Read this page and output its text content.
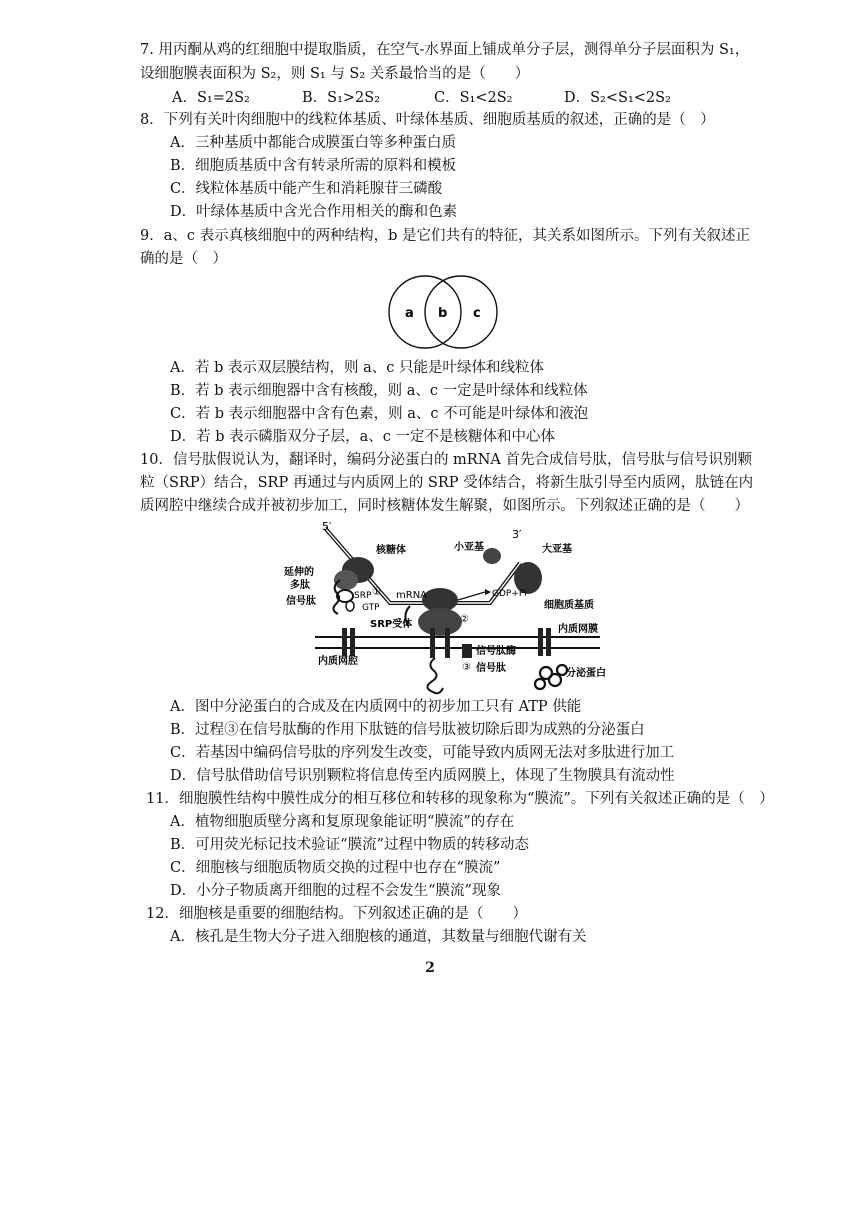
7. 用丙酮从鸡的红细胞中提取脂质，在空气-水界面上铺成单分子层，测得单分子层面积为 S₁，
设细胞膜表面积为 S₂，则 S₁ 与 S₂ 关系最恰当的是（　　）
A．S₁=2S₂	B．S₁>2S₂	C．S₁<2S₂	D．S₂<S₁<2S₂
8．下列有关叶肉细胞中的线粒体基质、叶绿体基质、细胞质基质的叙述，正确的是（　）
A．三种基质中都能合成膜蛋白等多种蛋白质
B．细胞质基质中含有转录所需的原料和模板
C．线粒体基质中能产生和消耗腺苷三磷酸
D．叶绿体基质中含光合作用相关的酶和色素
9．a、c 表示真核细胞中的两种结构，b 是它们共有的特征，其关系如图所示。下列有关叙述正
确的是（　）
a b c
A．若 b 表示双层膜结构，则 a、c 只能是叶绿体和线粒体
B．若 b 表示细胞器中含有核酸，则 a、c 一定是叶绿体和线粒体
C．若 b 表示细胞器中含有色素，则 a、c 不可能是叶绿体和液泡
D．若 b 表示磷脂双分子层，a、c 一定不是核糖体和中心体
10．信号肽假说认为，翻译时，编码分泌蛋白的 mRNA 首先合成信号肽，信号肽与信号识别颗
粒（SRP）结合，SRP 再通过与内质网上的 SRP 受体结合，将新生肽引导至内质网，肽链在内
质网腔中继续合成并被初步加工，同时核糖体发生解聚，如图所示。下列叙述正确的是（　　）
5′
3′
核糖体	小亚基	大亚基
延伸的
多肽
信号肽	SRP ① mRNA
GTP
GDP+Pi
细胞质基质
SRP受体	②
内质网膜
内质网腔
信号肽酶
③ 信号肽	分泌蛋白
A．图中分泌蛋白的合成及在内质网中的初步加工只有 ATP 供能
B．过程③在信号肽酶的作用下肽链的信号肽被切除后即为成熟的分泌蛋白
C．若基因中编码信号肽的序列发生改变，可能导致内质网无法对多肽进行加工
D．信号肽借助信号识别颗粒将信息传至内质网膜上，体现了生物膜具有流动性
11．细胞膜性结构中膜性成分的相互移位和转移的现象称为“膜流”。下列有关叙述正确的是（　）
A．植物细胞质壁分离和复原现象能证明“膜流”的存在
B．可用荧光标记技术验证“膜流”过程中物质的转移动态
C．细胞核与细胞质物质交换的过程中也存在“膜流”
D．小分子物质离开细胞的过程不会发生“膜流”现象
12．细胞核是重要的细胞结构。下列叙述正确的是（　　）
A．核孔是生物大分子进入细胞核的通道，其数量与细胞代谢有关
2
